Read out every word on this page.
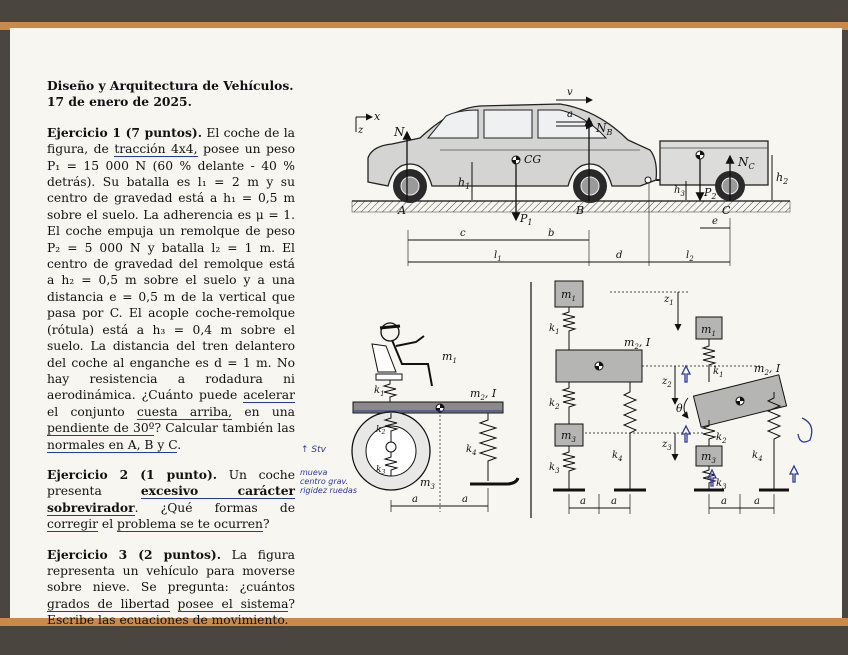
Diseño y Arquitectura de Vehículos. 17 de enero de 2025.
Ejercicio 1 (7 puntos). El coche de la figura, de tracción 4x4, posee un peso P₁ = 15 000 N (60 % delante - 40 % detrás). Su batalla es l₁ = 2 m y su centro de gravedad está a h₁ = 0,5 m sobre el suelo. La adherencia es μ = 1. El coche empuja un remolque de peso P₂ = 5 000 N y batalla l₂ = 1 m. El centro de gravedad del remolque está a h₂ = 0,5 m sobre el suelo y a una distancia e = 0,5 m de la vertical que pasa por C. El acople coche-remolque (rótula) está a h₃ = 0,4 m sobre el suelo. La distancia del tren delantero del coche al enganche es d = 1 m. No hay resistencia a rodadura ni aerodinámica. ¿Cuánto puede acelerar el conjunto cuesta arriba, en una pendiente de 30º? Calcular también las normales en A, B y C.
Ejercicio 2 (1 punto). Un coche presenta excesivo carácter sobrevirador. ¿Qué formas de corregir el problema se te ocurren?
Ejercicio 3 (2 puntos). La figura representa un vehículo para moverse sobre nieve. Se pregunta: ¿cuántos grados de libertad posee el sistema? Escribe las ecuaciones de movimiento.
↑ Stv
mueva
centro grav.
rigidez ruedas
x
z
v
a
$N_A$
$N_B$
$N_C$
CG
$P_1$
$P_2$
$h_1$	$h_3$
$h_2$
A	B	C
e
c	b
$l_1$	d	$l_2$
$m_1$
$k_1$	$m_2$, I
$k_2$
$k_3$
$m_3$
$k_4$
a	a
$m_1$
$k_1$
$m_2$, I
$k_2$
$m_3$
$k_3$
$k_4$
$z_1$
$z_2$
$z_3$
$m_1$
$k_1$	$m_2$, I
θ
$k_2$
$m_3$
$k_3$
$k_4$
a	a	a	a
